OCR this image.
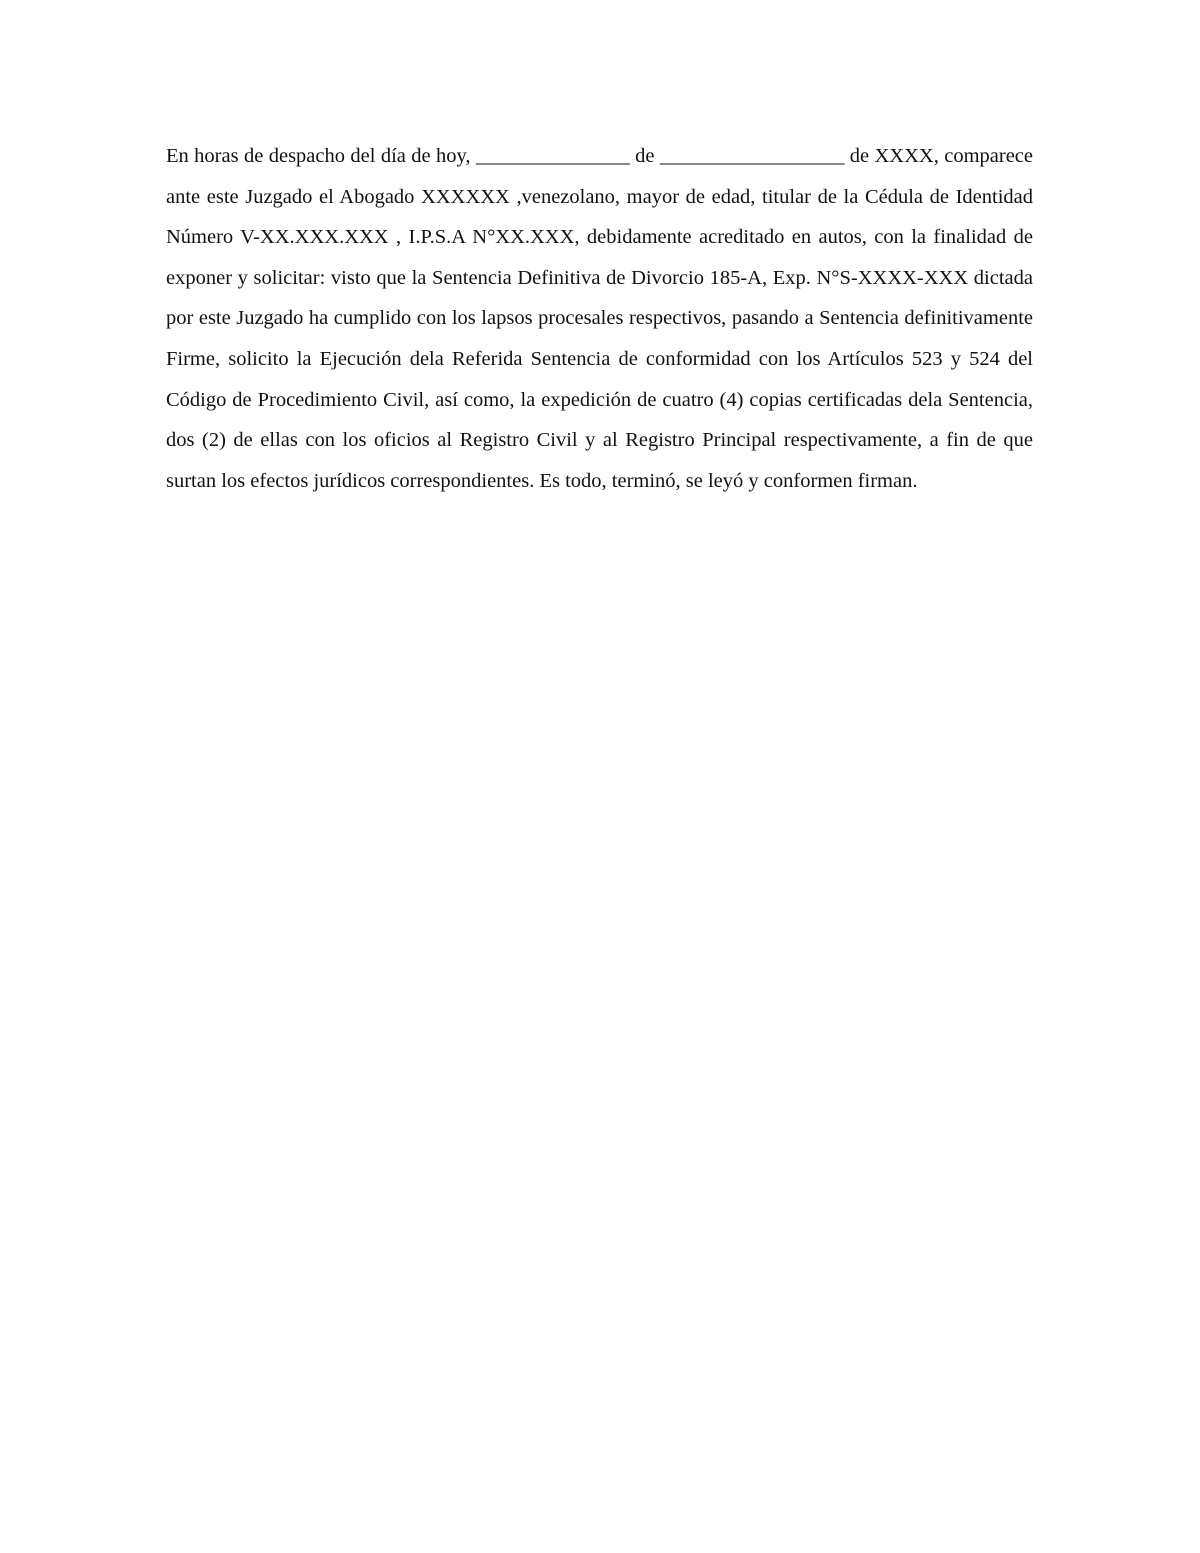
En horas de despacho del día de hoy, _______________ de __________________ de XXXX, comparece ante este Juzgado el Abogado XXXXXX ,venezolano, mayor de edad, titular de la Cédula de Identidad Número V-XX.XXX.XXX , I.P.S.A N°XX.XXX, debidamente acreditado en autos, con la finalidad de exponer y solicitar: visto que la Sentencia Definitiva de Divorcio 185-A, Exp. N°S-XXXX-XXX dictada por este Juzgado ha cumplido con los lapsos procesales respectivos, pasando a Sentencia definitivamente Firme, solicito la Ejecución dela Referida Sentencia de conformidad con los Artículos 523 y 524 del Código de Procedimiento Civil, así como, la expedición de cuatro (4) copias certificadas dela Sentencia, dos (2) de ellas con los oficios al Registro Civil y al Registro Principal respectivamente, a fin de que surtan los efectos jurídicos correspondientes. Es todo, terminó, se leyó y conformen firman.
